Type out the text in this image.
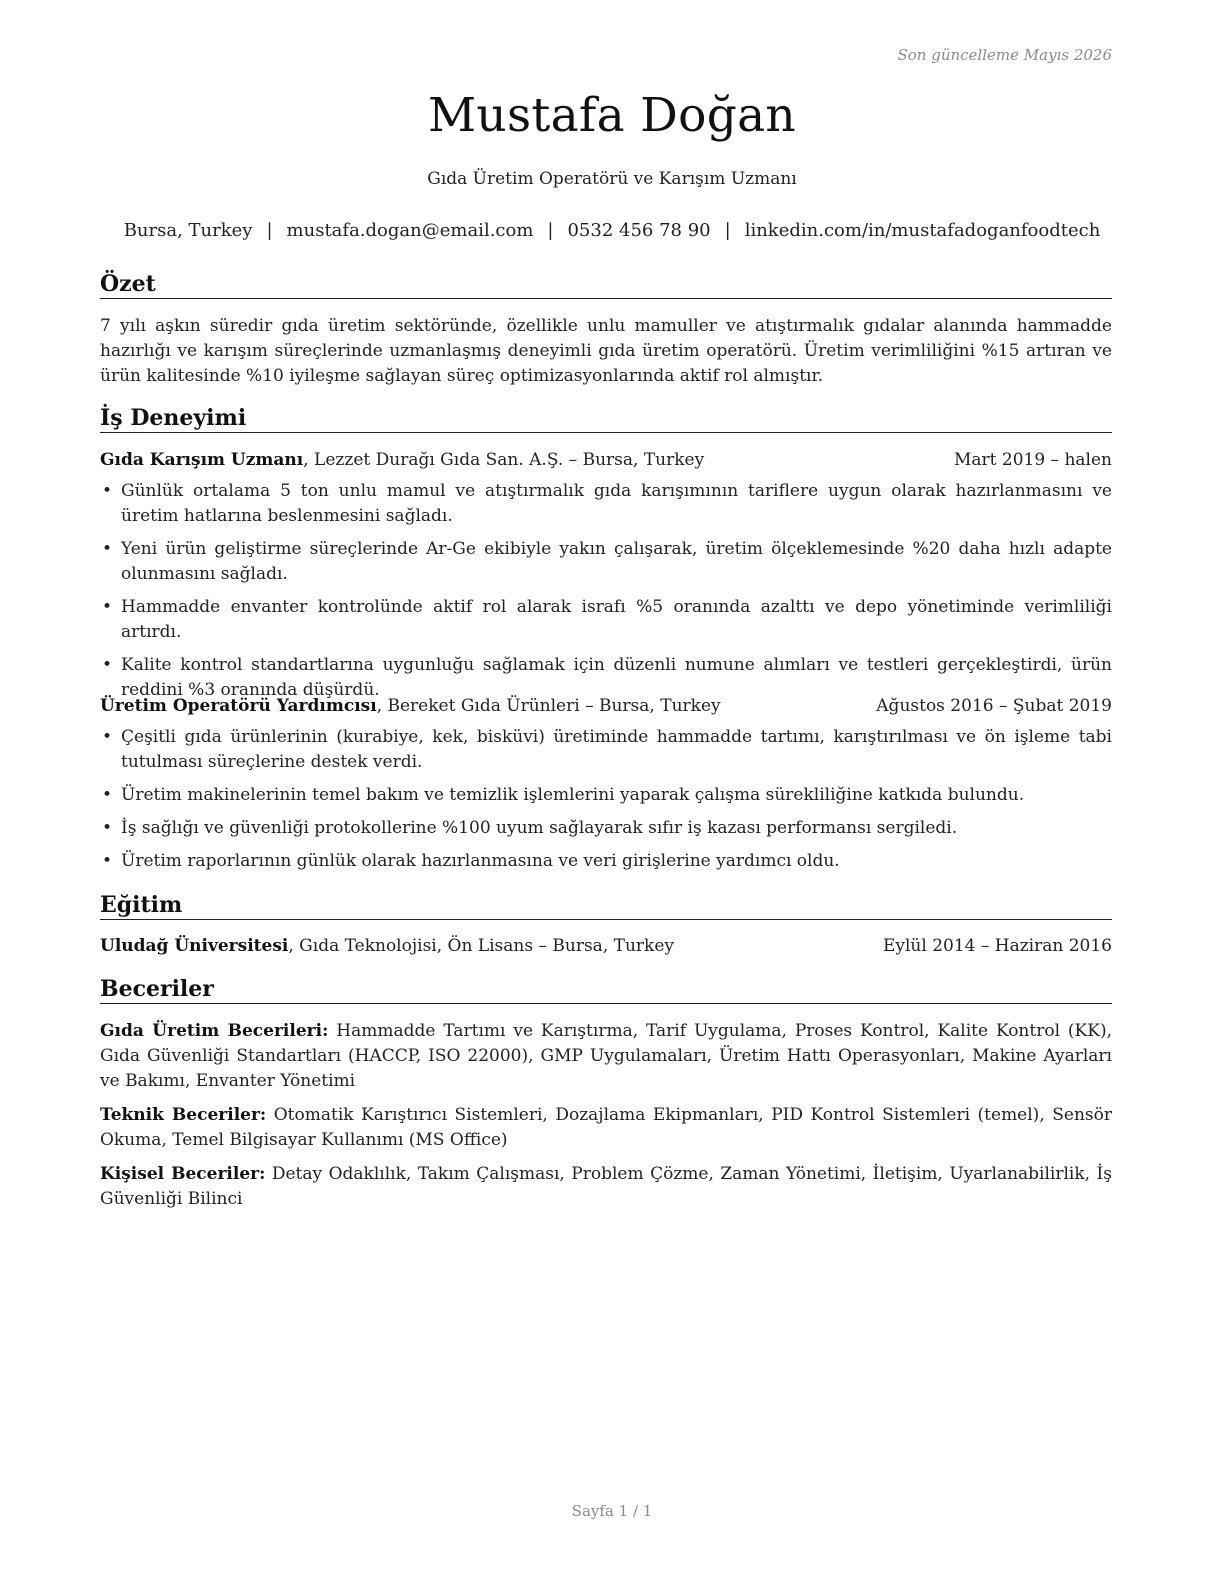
Son güncelleme Mayıs 2026
Mustafa Doğan
Gıda Üretim Operatörü ve Karışım Uzmanı
Bursa, Turkey | mustafa.dogan@email.com | 0532 456 78 90 | linkedin.com/in/mustafadoganfoodtech
Özet
7 yılı aşkın süredir gıda üretim sektöründe, özellikle unlu mamuller ve atıştırmalık gıdalar alanında hammadde hazırlığı ve karışım süreçlerinde uzmanlaşmış deneyimli gıda üretim operatörü. Üretim verimliliğini %15 artıran ve ürün kalitesinde %10 iyileşme sağlayan süreç optimizasyonlarında aktif rol almıştır.
İş Deneyimi
Gıda Karışım Uzmanı, Lezzet Durağı Gıda San. A.Ş. – Bursa, Turkey	Mart 2019 – halen
• Günlük ortalama 5 ton unlu mamul ve atıştırmalık gıda karışımının tariflere uygun olarak hazırlanmasını ve üretim hatlarına beslenmesini sağladı.
• Yeni ürün geliştirme süreçlerinde Ar-Ge ekibiyle yakın çalışarak, üretim ölçeklemesinde %20 daha hızlı adapte olunmasını sağladı.
• Hammadde envanter kontrolünde aktif rol alarak israfı %5 oranında azalttı ve depo yönetiminde verimliliği artırdı.
• Kalite kontrol standartlarına uygunluğu sağlamak için düzenli numune alımları ve testleri gerçekleştirdi, ürün reddini %3 oranında düşürdü.
Üretim Operatörü Yardımcısı, Bereket Gıda Ürünleri – Bursa, Turkey	Ağustos 2016 – Şubat 2019
• Çeşitli gıda ürünlerinin (kurabiye, kek, bisküvi) üretiminde hammadde tartımı, karıştırılması ve ön işleme tabi tutulması süreçlerine destek verdi.
• Üretim makinelerinin temel bakım ve temizlik işlemlerini yaparak çalışma sürekliliğine katkıda bulundu.
• İş sağlığı ve güvenliği protokollerine %100 uyum sağlayarak sıfır iş kazası performansı sergiledi.
• Üretim raporlarının günlük olarak hazırlanmasına ve veri girişlerine yardımcı oldu.
Eğitim
Uludağ Üniversitesi, Gıda Teknolojisi, Ön Lisans – Bursa, Turkey	Eylül 2014 – Haziran 2016
Beceriler
Gıda Üretim Becerileri: Hammadde Tartımı ve Karıştırma, Tarif Uygulama, Proses Kontrol, Kalite Kontrol (KK), Gıda Güvenliği Standartları (HACCP, ISO 22000), GMP Uygulamaları, Üretim Hattı Operasyonları, Makine Ayarları ve Bakımı, Envanter Yönetimi
Teknik Beceriler: Otomatik Karıştırıcı Sistemleri, Dozajlama Ekipmanları, PID Kontrol Sistemleri (temel), Sensör Okuma, Temel Bilgisayar Kullanımı (MS Office)
Kişisel Beceriler: Detay Odaklılık, Takım Çalışması, Problem Çözme, Zaman Yönetimi, İletişim, Uyarlanabilirlik, İş Güvenliği Bilinci
Sayfa 1 / 1
